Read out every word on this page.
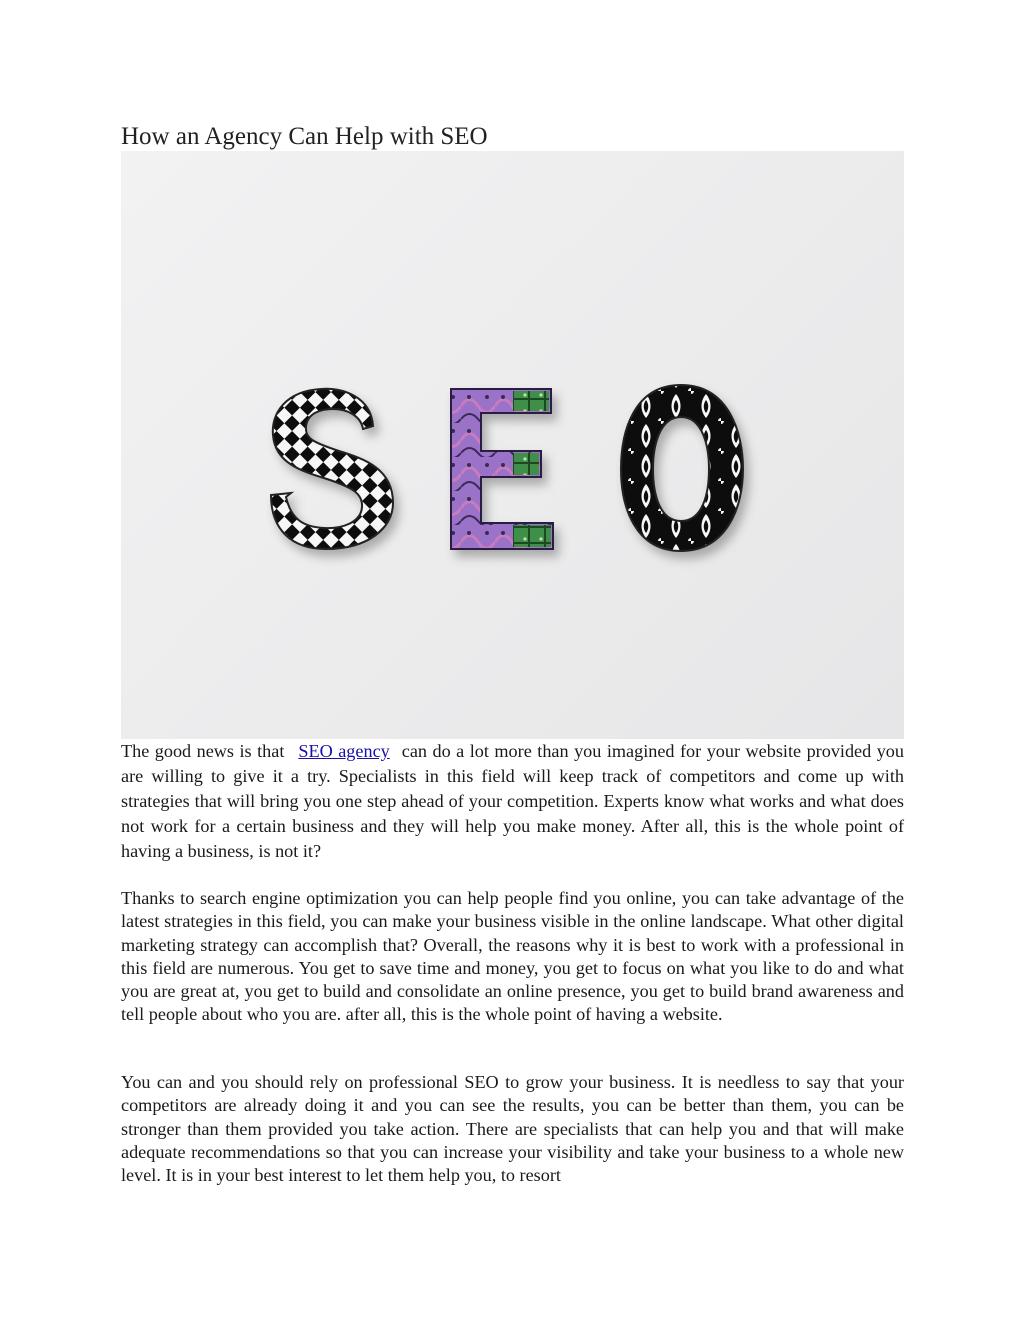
How an Agency Can Help with SEO

The good news is that SEO agency can do a lot more than you imagined for your website provided you are willing to give it a try. Specialists in this field will keep track of competitors and come up with strategies that will bring you one step ahead of your competition. Experts know what works and what does not work for a certain business and they will help you make money. After all, this is the whole point of having a business, is not it?

Thanks to search engine optimization you can help people find you online, you can take advantage of the latest strategies in this field, you can make your business visible in the online landscape. What other digital marketing strategy can accomplish that? Overall, the reasons why it is best to work with a professional in this field are numerous. You get to save time and money, you get to focus on what you like to do and what you are great at, you get to build and consolidate an online presence, you get to build brand awareness and tell people about who you are. after all, this is the whole point of having a website.

You can and you should rely on professional SEO to grow your business. It is needless to say that your competitors are already doing it and you can see the results, you can be better than them, you can be stronger than them provided you take action. There are specialists that can help you and that will make adequate recommendations so that you can increase your visibility and take your business to a whole new level. It is in your best interest to let them help you, to resort
